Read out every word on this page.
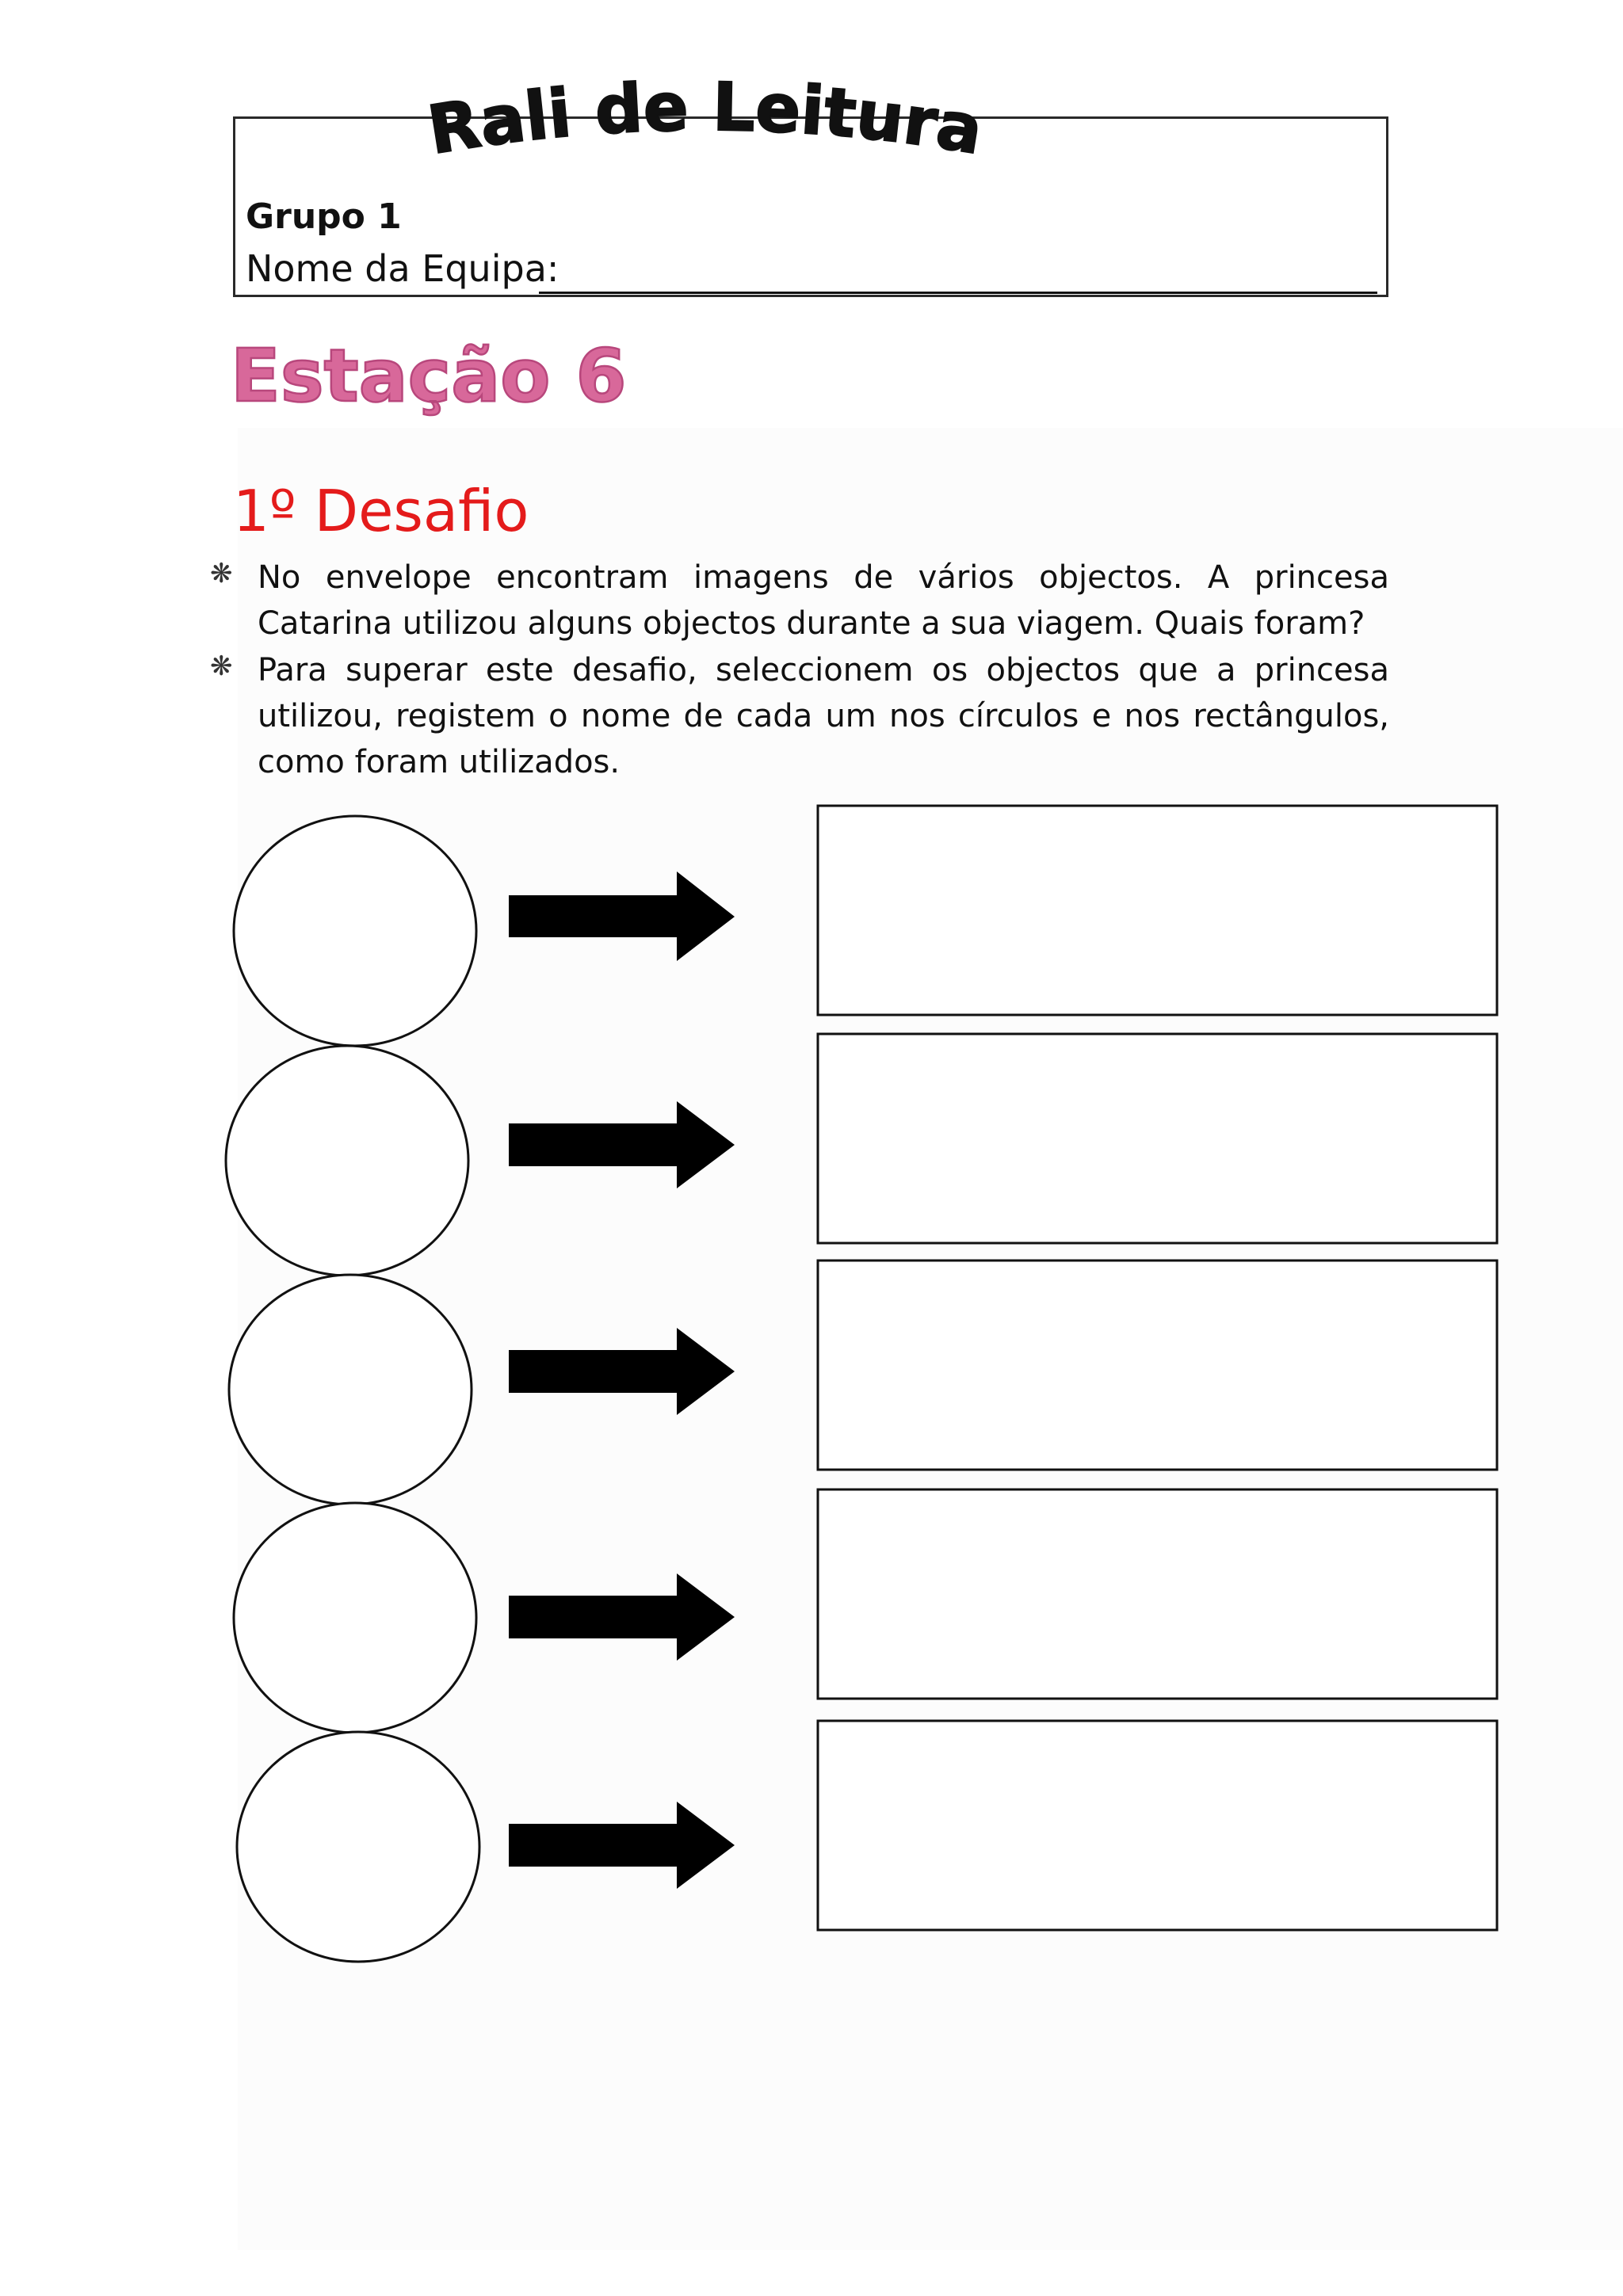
Rali de Leitura
Grupo 1
Nome da Equipa:
Estação 6
1º Desafio
❋ No envelope encontram imagens de vários objectos. A princesa Catarina utilizou alguns objectos durante a sua viagem. Quais foram?
❋ Para superar este desafio, seleccionem os objectos que a princesa utilizou, registem o nome de cada um nos círculos e nos rectângulos, como foram utilizados.
